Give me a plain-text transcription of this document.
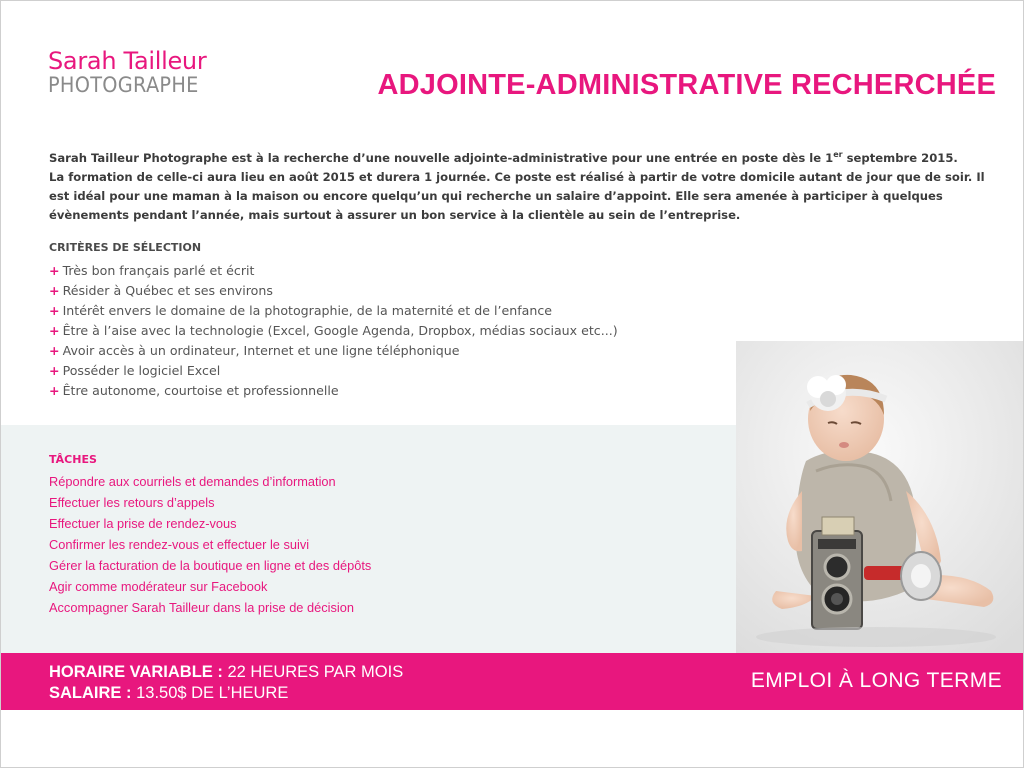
Sarah Tailleur
PHOTOGRAPHE	ADJOINTE-ADMINISTRATIVE RECHERCHÉE

Sarah Tailleur Photographe est à la recherche d’une nouvelle adjointe-administrative pour une entrée en poste dès le 1er septembre 2015.

La formation de celle-ci aura lieu en août 2015 et durera 1 journée. Ce poste est réalisé à partir de votre domicile autant de jour que de soir. Il est idéal pour une maman à la maison ou encore quelqu’un qui recherche un salaire d’appoint. Elle sera amenée à participer à quelques évènements pendant l’année, mais surtout à assurer un bon service à la clientèle au sein de l’entreprise.

CRITÈRES DE SÉLECTION
+ Très bon français parlé et écrit
+ Résider à Québec et ses environs
+ Intérêt envers le domaine de la photographie, de la maternité et de l’enfance
+ Être à l’aise avec la technologie (Excel, Google Agenda, Dropbox, médias sociaux etc...)
+ Avoir accès à un ordinateur, Internet et une ligne téléphonique
+ Posséder le logiciel Excel
+ Être autonome, courtoise et professionnelle
TÂCHES
Répondre aux courriels et demandes d’information
Effectuer les retours d’appels
Effectuer la prise de rendez-vous
Confirmer les rendez-vous et effectuer le suivi
Gérer la facturation de la boutique en ligne et des dépôts
Agir comme modérateur sur Facebook
Accompagner Sarah Tailleur dans la prise de décision
HORAIRE VARIABLE : 22 HEURES PAR MOIS
SALAIRE : 13.50$ DE L’HEURE
EMPLOI À LONG TERME
